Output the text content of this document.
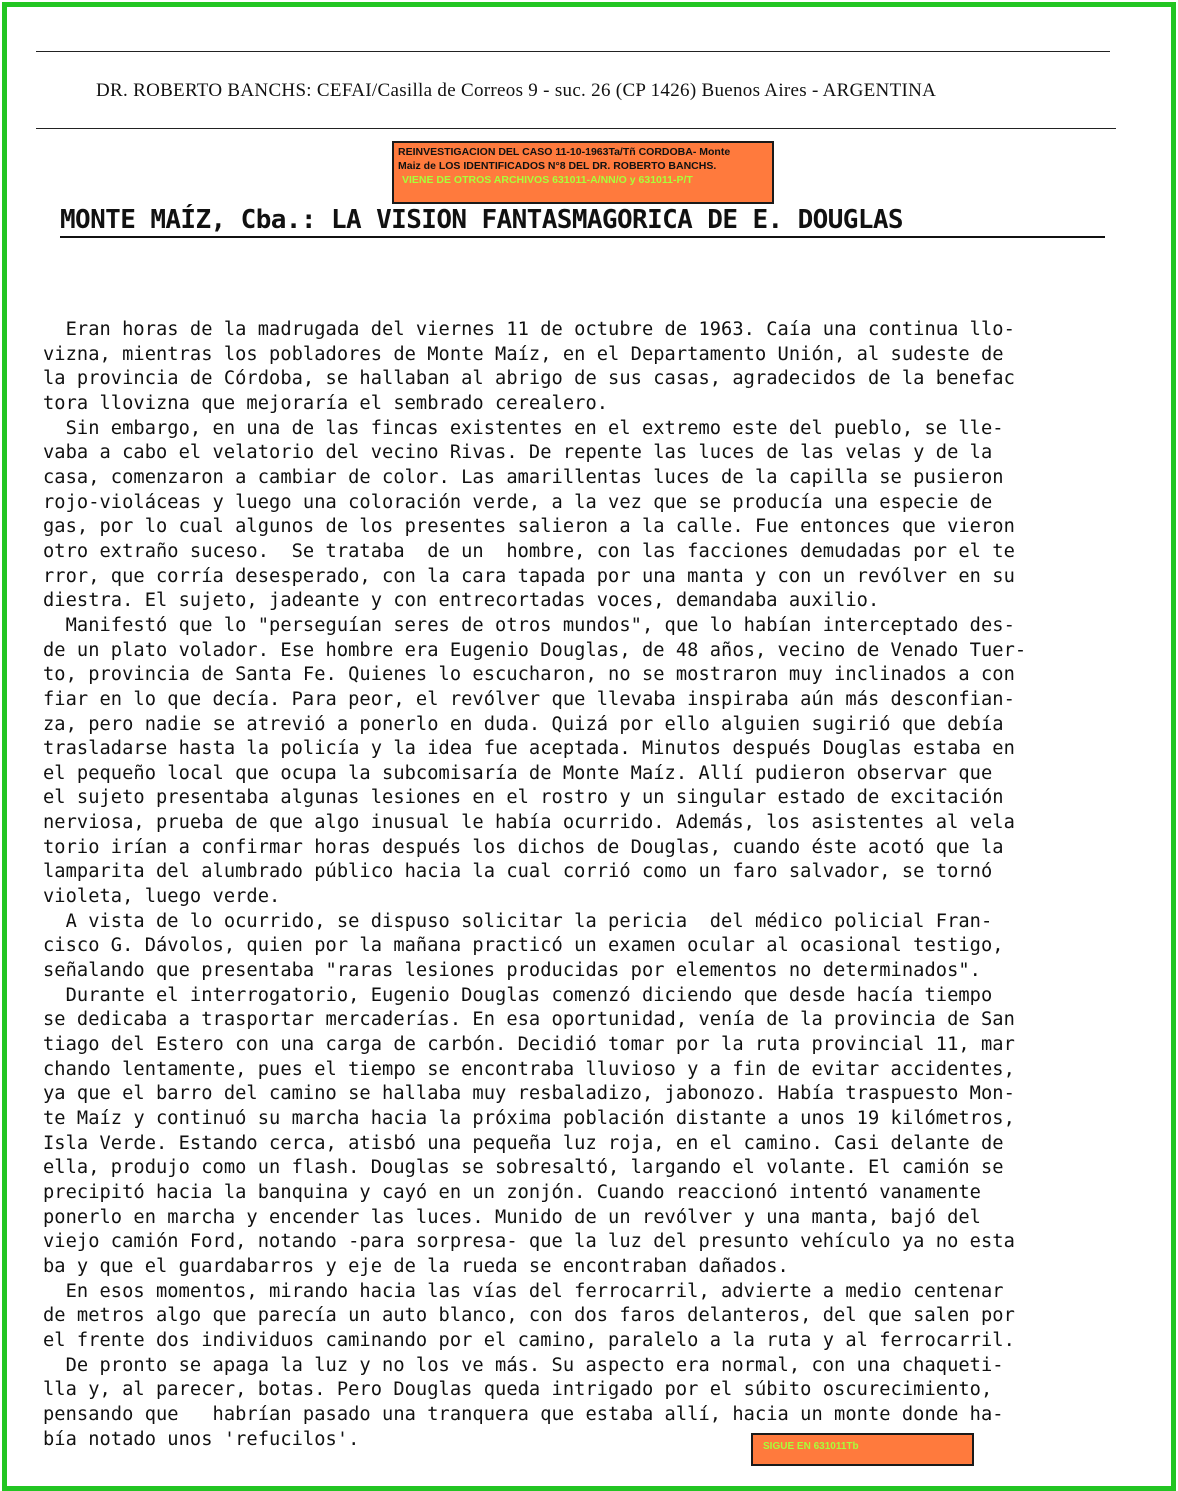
DR. ROBERTO BANCHS: CEFAI/Casilla de Correos 9 - suc. 26 (CP 1426) Buenos Aires - ARGENTINA
REINVESTIGACION DEL CASO 11-10-1963Ta/Tñ CORDOBA- Monte
Maiz de LOS IDENTIFICADOS N°8 DEL DR. ROBERTO BANCHS.
VIENE DE OTROS ARCHIVOS 631011-A/NN/O y 631011-P/T
MONTE MAÍZ, Cba.: LA VISION FANTASMAGORICA DE E. DOUGLAS
Eran horas de la madrugada del viernes 11 de octubre de 1963. Caía una continua llo-
vizna, mientras los pobladores de Monte Maíz, en el Departamento Unión, al sudeste de
la provincia de Córdoba, se hallaban al abrigo de sus casas, agradecidos de la benefac
tora llovizna que mejoraría el sembrado cerealero.
Sin embargo, en una de las fincas existentes en el extremo este del pueblo, se lle-
vaba a cabo el velatorio del vecino Rivas. De repente las luces de las velas y de la
casa, comenzaron a cambiar de color. Las amarillentas luces de la capilla se pusieron
rojo-violáceas y luego una coloración verde, a la vez que se producía una especie de
gas, por lo cual algunos de los presentes salieron a la calle. Fue entonces que vieron
otro extraño suceso.  Se trataba  de un  hombre, con las facciones demudadas por el te
rror, que corría desesperado, con la cara tapada por una manta y con un revólver en su
diestra. El sujeto, jadeante y con entrecortadas voces, demandaba auxilio.
Manifestó que lo "perseguían seres de otros mundos", que lo habían interceptado des-
de un plato volador. Ese hombre era Eugenio Douglas, de 48 años, vecino de Venado Tuer-
to, provincia de Santa Fe. Quienes lo escucharon, no se mostraron muy inclinados a con
fiar en lo que decía. Para peor, el revólver que llevaba inspiraba aún más desconfian-
za, pero nadie se atrevió a ponerlo en duda. Quizá por ello alguien sugirió que debía
trasladarse hasta la policía y la idea fue aceptada. Minutos después Douglas estaba en
el pequeño local que ocupa la subcomisaría de Monte Maíz. Allí pudieron observar que
el sujeto presentaba algunas lesiones en el rostro y un singular estado de excitación
nerviosa, prueba de que algo inusual le había ocurrido. Además, los asistentes al vela
torio irían a confirmar horas después los dichos de Douglas, cuando éste acotó que la
lamparita del alumbrado público hacia la cual corrió como un faro salvador, se tornó
violeta, luego verde.
A vista de lo ocurrido, se dispuso solicitar la pericia  del médico policial Fran-
cisco G. Dávolos, quien por la mañana practicó un examen ocular al ocasional testigo,
señalando que presentaba "raras lesiones producidas por elementos no determinados".
Durante el interrogatorio, Eugenio Douglas comenzó diciendo que desde hacía tiempo
se dedicaba a trasportar mercaderías. En esa oportunidad, venía de la provincia de San
tiago del Estero con una carga de carbón. Decidió tomar por la ruta provincial 11, mar
chando lentamente, pues el tiempo se encontraba lluvioso y a fin de evitar accidentes,
ya que el barro del camino se hallaba muy resbaladizo, jabonozo. Había traspuesto Mon-
te Maíz y continuó su marcha hacia la próxima población distante a unos 19 kilómetros,
Isla Verde. Estando cerca, atisbó una pequeña luz roja, en el camino. Casi delante de
ella, produjo como un flash. Douglas se sobresaltó, largando el volante. El camión se
precipitó hacia la banquina y cayó en un zonjón. Cuando reaccionó intentó vanamente
ponerlo en marcha y encender las luces. Munido de un revólver y una manta, bajó del
viejo camión Ford, notando -para sorpresa- que la luz del presunto vehículo ya no esta
ba y que el guardabarros y eje de la rueda se encontraban dañados.
En esos momentos, mirando hacia las vías del ferrocarril, advierte a medio centenar
de metros algo que parecía un auto blanco, con dos faros delanteros, del que salen por
el frente dos individuos caminando por el camino, paralelo a la ruta y al ferrocarril.
De pronto se apaga la luz y no los ve más. Su aspecto era normal, con una chaqueti-
lla y, al parecer, botas. Pero Douglas queda intrigado por el súbito oscurecimiento,
pensando que   habrían pasado una tranquera que estaba allí, hacia un monte donde ha-
bía notado unos 'refucilos'.	SIGUE EN 631011Tb
